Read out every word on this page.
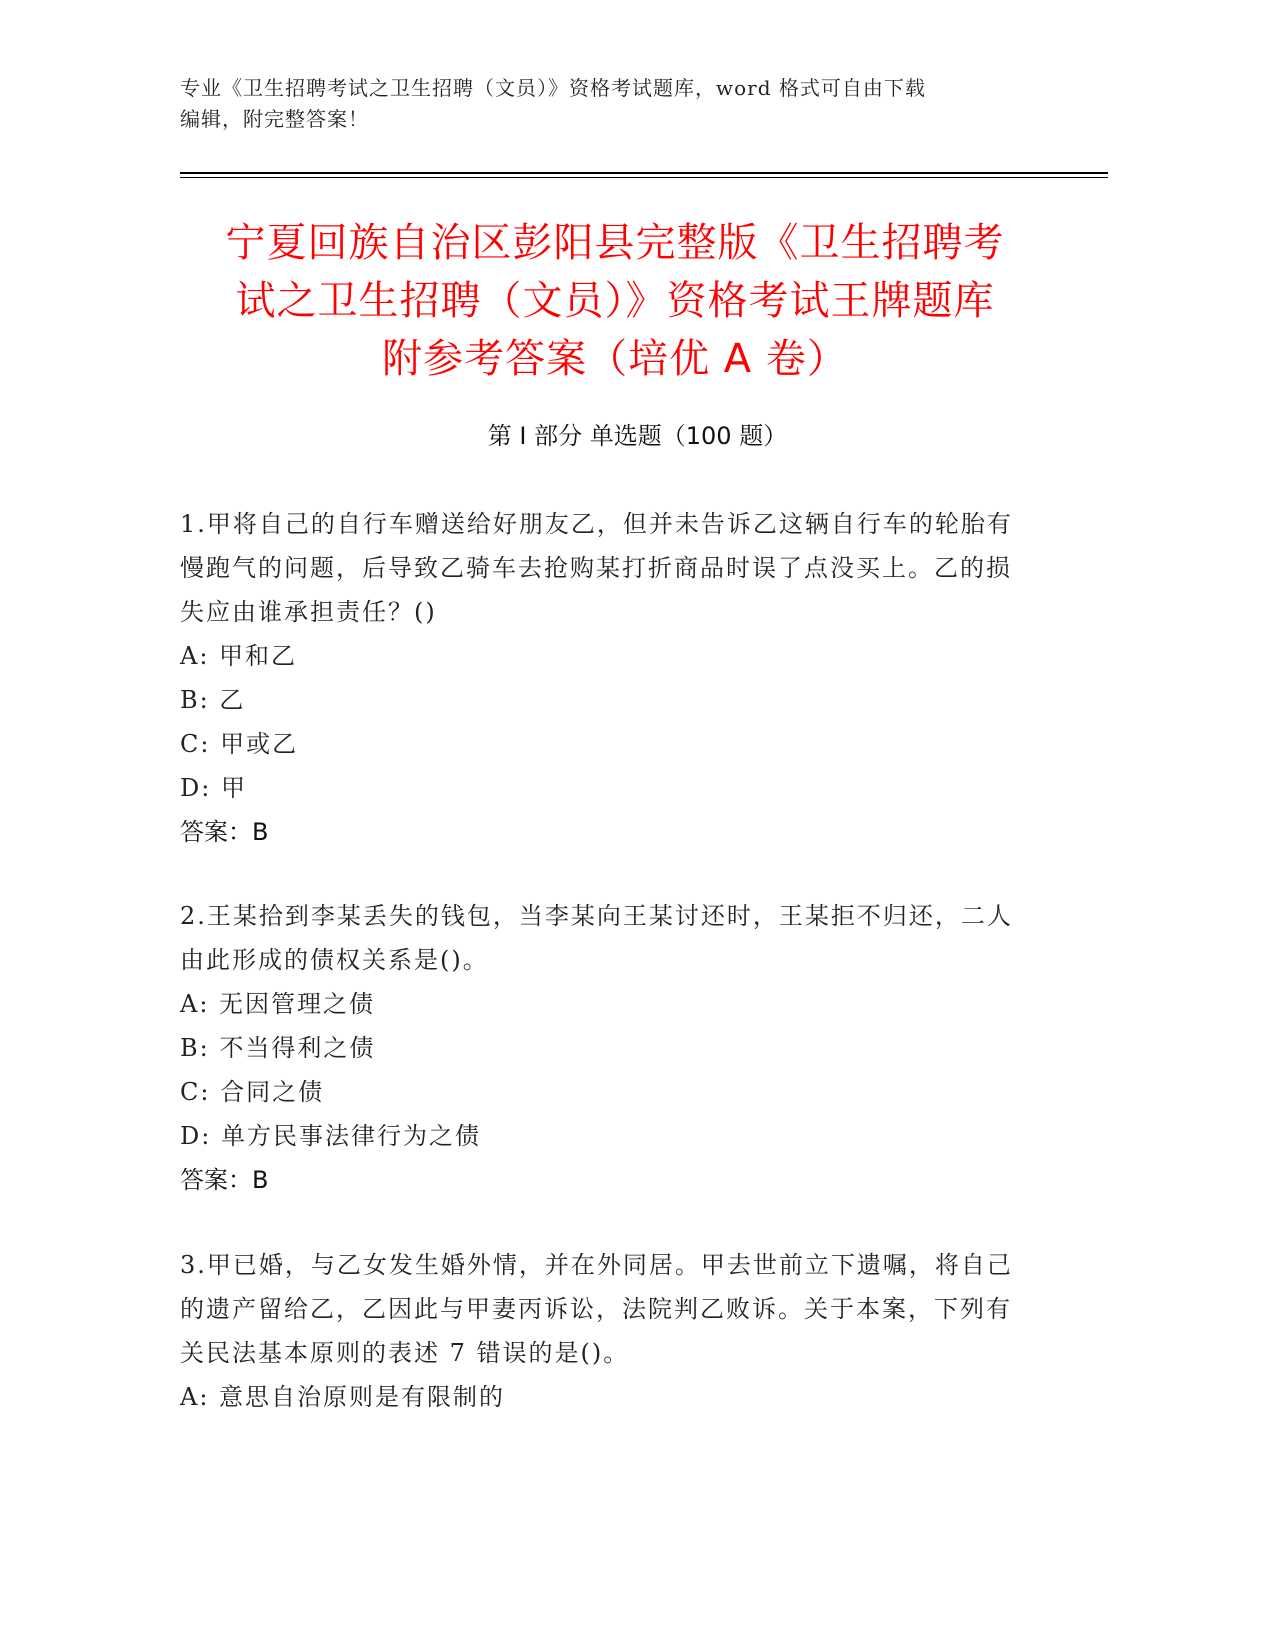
专业《卫生招聘考试之卫生招聘（文员）》资格考试题库，word 格式可自由下载
编辑，附完整答案！
宁夏回族自治区彭阳县完整版《卫生招聘考
试之卫生招聘（文员）》资格考试王牌题库
附参考答案（培优 A 卷）
第 I 部分 单选题（100 题）

1.甲将自己的自行车赠送给好朋友乙，但并未告诉乙这辆自行车的轮胎有慢跑气的问题，后导致乙骑车去抢购某打折商品时误了点没买上。乙的损失应由谁承担责任？()

A: 甲和乙

B: 乙

C: 甲或乙

D: 甲

答案：B

2.王某拾到李某丢失的钱包，当李某向王某讨还时，王某拒不归还，二人由此形成的债权关系是()。

A: 无因管理之债

B: 不当得利之债

C: 合同之债

D: 单方民事法律行为之债

答案：B

3.甲已婚，与乙女发生婚外情，并在外同居。甲去世前立下遗嘱，将自己的遗产留给乙，乙因此与甲妻丙诉讼，法院判乙败诉。关于本案，下列有关民法基本原则的表述 7 错误的是()。

A: 意思自治原则是有限制的
